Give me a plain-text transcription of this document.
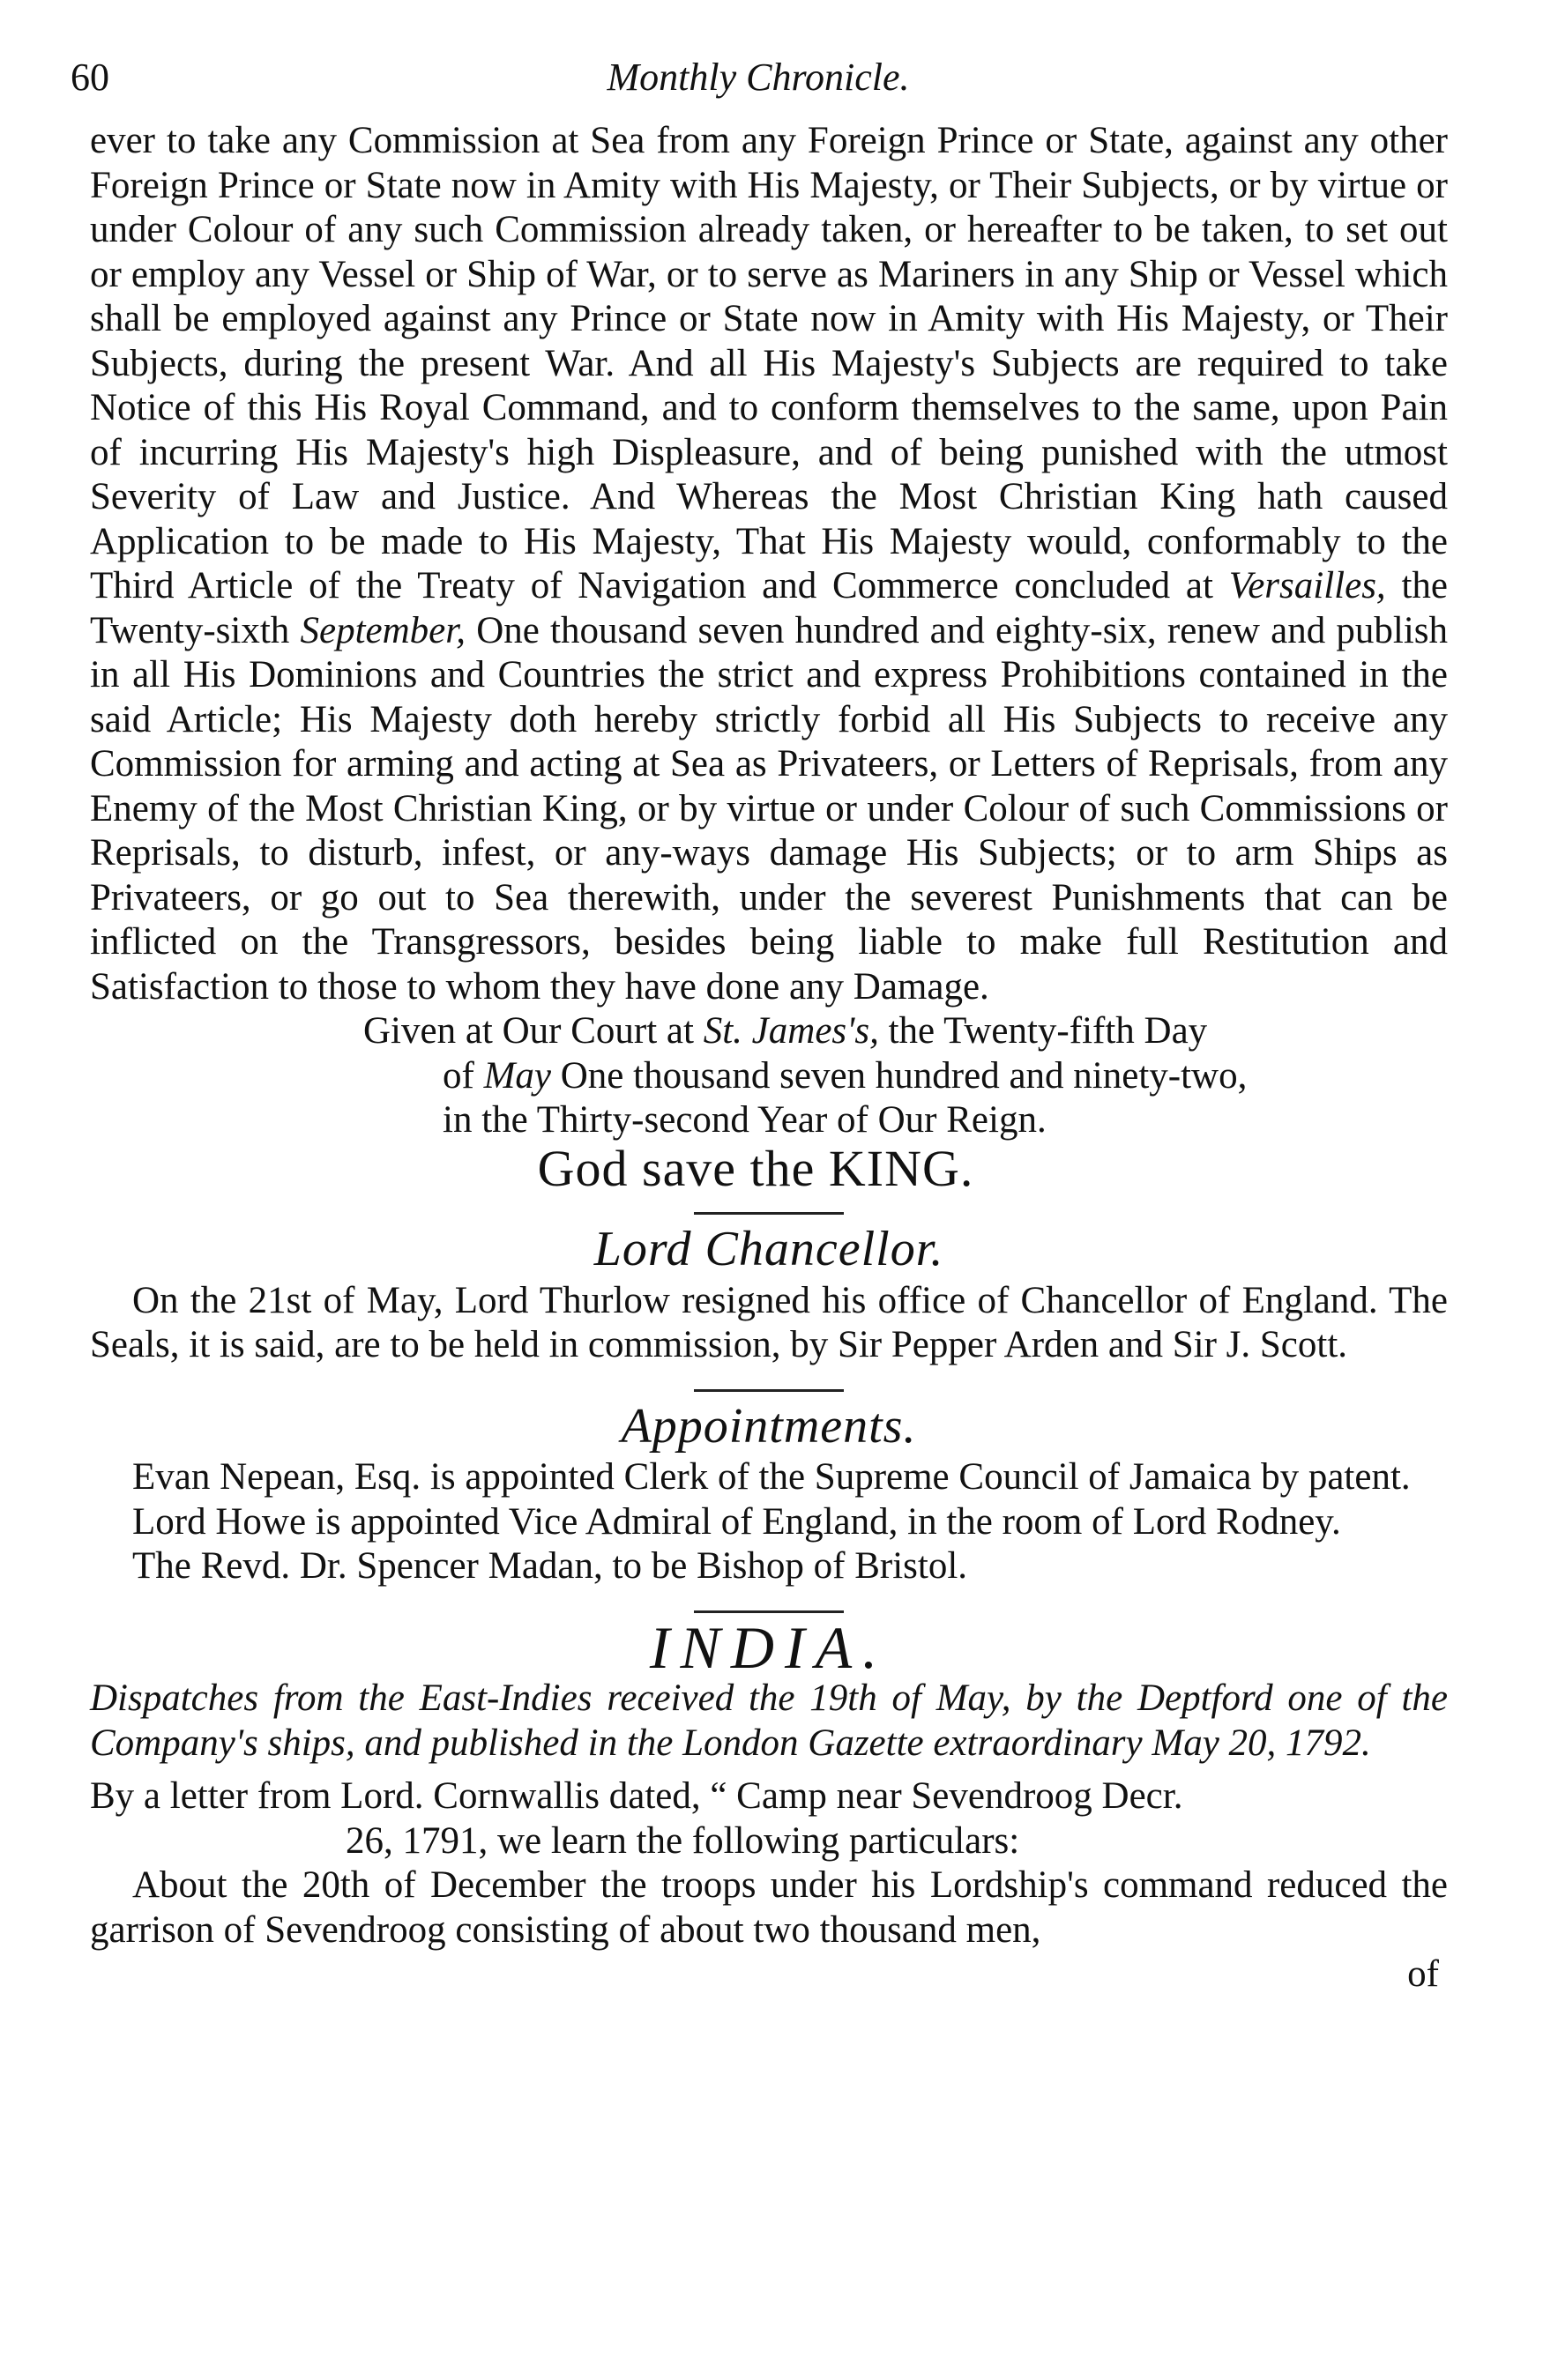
60	Monthly Chronicle.

ever to take any Commission at Sea from any Foreign Prince or State, against any other Foreign Prince or State now in Amity with His Majesty, or Their Subjects, or by virtue or under Colour of any such Commission already taken, or hereafter to be taken, to set out or employ any Vessel or Ship of War, or to serve as Mariners in any Ship or Vessel which shall be employed against any Prince or State now in Amity with His Majesty, or Their Subjects, during the present War. And all His Majesty's Subjects are required to take Notice of this His Royal Command, and to conform themselves to the same, upon Pain of incurring His Majesty's high Displeasure, and of being punished with the utmost Severity of Law and Justice. And Whereas the Most Christian King hath caused Application to be made to His Majesty, That His Majesty would, conformably to the Third Article of the Treaty of Navigation and Commerce concluded at Versailles, the Twenty-sixth September, One thousand seven hundred and eighty-six, renew and publish in all His Dominions and Countries the strict and express Prohibitions contained in the said Article; His Majesty doth hereby strictly forbid all His Subjects to receive any Commission for arming and acting at Sea as Privateers, or Letters of Reprisals, from any Enemy of the Most Christian King, or by virtue or under Colour of such Commissions or Reprisals, to disturb, infest, or any-ways damage His Subjects; or to arm Ships as Privateers, or go out to Sea therewith, under the severest Punishments that can be inflicted on the Transgressors, besides being liable to make full Restitution and Satisfaction to those to whom they have done any Damage.

Given at Our Court at St. James's, the Twenty-fifth Day
of May One thousand seven hundred and ninety-two,
in the Thirty-second Year of Our Reign.
God save the KING.
Lord Chancellor.

On the 21st of May, Lord Thurlow resigned his office of Chancellor of England. The Seals, it is said, are to be held in commission, by Sir Pepper Arden and Sir J. Scott.

Appointments.

Evan Nepean, Esq. is appointed Clerk of the Supreme Council of Jamaica by patent.

Lord Howe is appointed Vice Admiral of England, in the room of Lord Rodney.

The Revd. Dr. Spencer Madan, to be Bishop of Bristol.

INDIA.

Dispatches from the East-Indies received the 19th of May, by the Deptford one of the Company's ships, and published in the London Gazette extraordinary May 20, 1792.

By a letter from Lord. Cornwallis dated, “ Camp near Sevendroog Decr.
26, 1791, we learn the following particulars:

About the 20th of December the troops under his Lordship's command reduced the garrison of Sevendroog consisting of about two thousand men,

of
